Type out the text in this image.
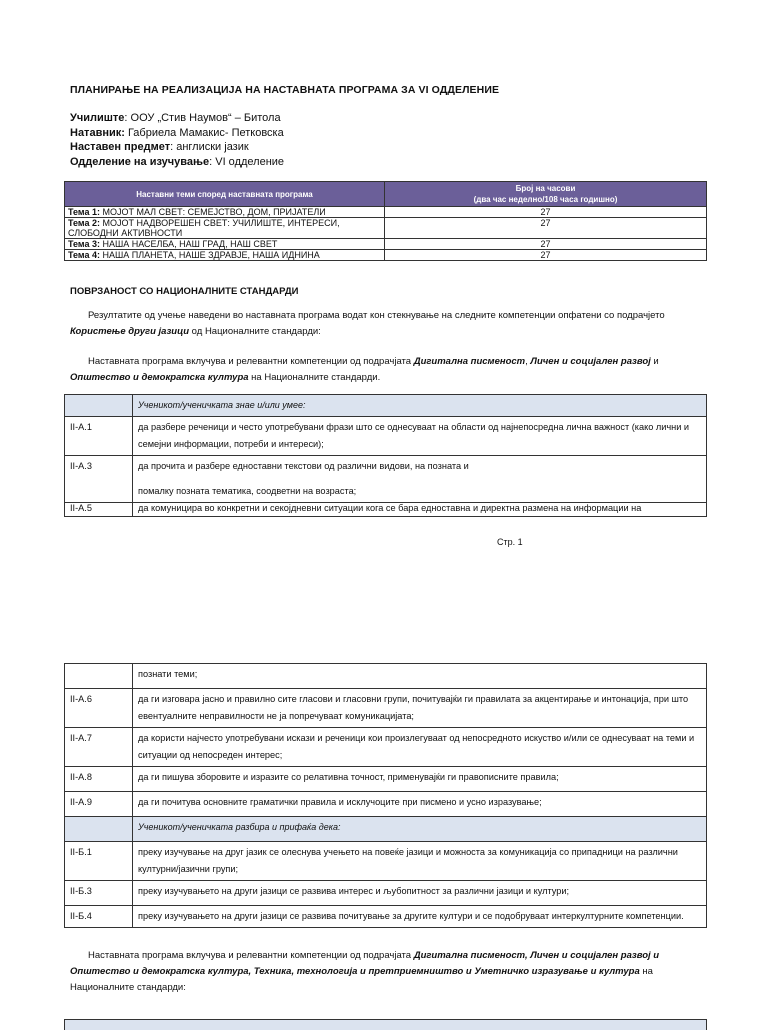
ПЛАНИРАЊЕ НА РЕАЛИЗАЦИЈА НА НАСТАВНАТА ПРОГРАМА ЗА VI ОДДЕЛЕНИЕ
Училиште: ООУ „Стив Наумов“ – Битола
Натавник: Габриела Мамакис- Петковска
Наставен предмет: англиски јазик
Одделение на изучување: VI одделение
Наставни теми според наставната програма	Број на часови
(два час неделно/108 часа годишно)

Тема 1: МОЈОТ МАЛ СВЕТ: СЕМЕЈСТВО, ДОМ, ПРИЈАТЕЛИ	27
Тема 2: МОЈОТ НАДВОРЕШЕН СВЕТ: УЧИЛИШТЕ, ИНТЕРЕСИ,
СЛОБОДНИ АКТИВНОСТИ	27
Тема 3: НАША НАСЕЛБА, НАШ ГРАД, НАШ СВЕТ	27
Тема 4: НАША ПЛАНЕТА, НАШЕ ЗДРАВЈЕ, НАША ИДНИНА	27
ПОВРЗАНОСТ СО НАЦИОНАЛНИТЕ СТАНДАРДИ
Резултатите од учење наведени во наставната програма водат кон стекнување на следните компетенции опфатени со подрачјето
Користење други јазици од Националните стандарди:
Наставната програма вклучува и релевантни компетенции од подрачјата Дигитална писменост, Личен и социјален развој и
Општество и демократска култура на Националните стандарди.
	Ученикот/ученичката знае и/или умее:
II-A.1	да разбере реченици и често употребувани фрази што се однесуваат на области од најнепосредна лична важност (како лични и семејни информации, потреби и интереси);
II-A.3	да прочита и разбере едноставни текстови од различни видови, на позната и
помалку позната тематика, соодветни на возраста;

II-A.5	да комуницира во конкретни и секојдневни ситуации кога се бара едноставна и директна размена на информации на
Стр. 1
	познати теми;
II-A.6	да ги изговара јасно и правилно сите гласови и гласовни групи, почитувајќи ги правилата за акцентирање и интонација, при што евентуалните неправилности не ја попречуваат комуникацијата;
II-A.7	да користи најчесто употребувани искази и реченици кои произлегуваат од непосредното искуство и/или се однесуваат на теми и ситуации од непосреден интерес;
II-A.8	да ги пишува зборовите и изразите со релативна точност, применувајќи ги правописните правила;
II-A.9	да ги почитува основните граматички правила и исклучоците при писмено и усно изразување;
	Ученикот/ученичката разбира и прифаќа дека:
II-Б.1	преку изучување на друг јазик се олеснува учењето на повеќе јазици и можноста за комуникација со припадници на различни културни/јазични групи;
II-Б.3	преку изучувањето на други јазици се развива интерес и љубопитност за различни јазици и култури;
II-Б.4	преку изучувањето на други јазици се развива почитување за другите култури и се подобруваат интеркултурните компетенции.
Наставната програма вклучува и релевантни компетенции од подрачјата Дигитална писменост, Личен и социјален развој и
Општество и демократска култура, Техника, технологија и претприемништво и Уметничко изразување и култура на
Националните стандарди:
